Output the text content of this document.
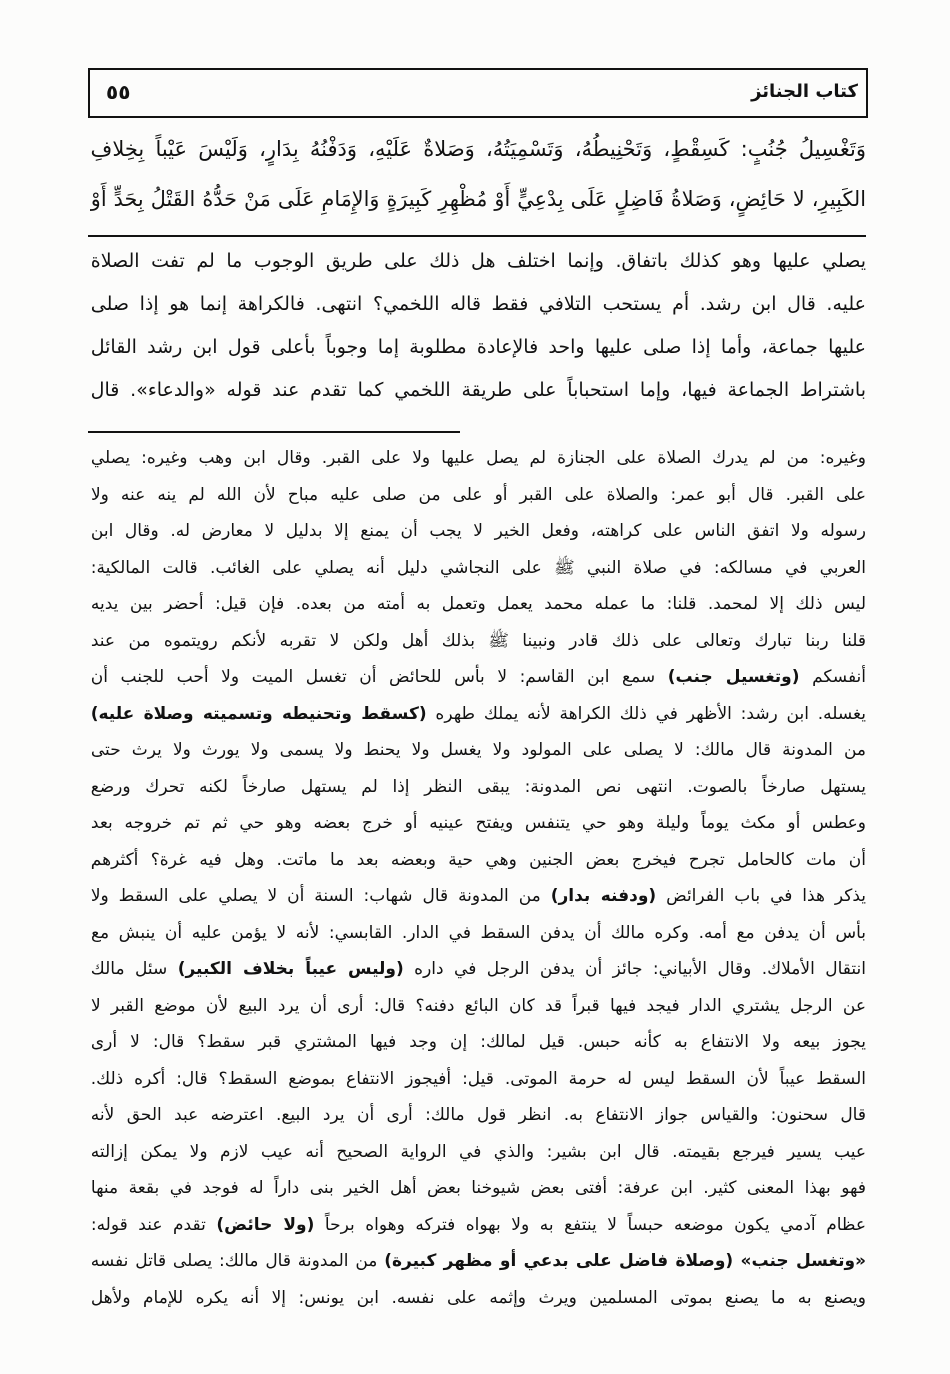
كتاب الجنائز
٥٥
وَتَغْسِيلُ جُنُبٍ: كَسِقْطٍ، وَتَحْنِيطُهُ، وَتَسْمِيَتُهُ، وَصَلاةٌ عَلَيْهِ، وَدَفْنُهُ بِدَارٍ، وَلَيْسَ عَيْباً بِخِلافِ
الكَبِيرِ، لا حَائِضٍ، وَصَلاةُ فَاضِلٍ عَلَى بِدْعِيٍّ أَوْ مُظْهِرِ كَبِيرَةٍ وَالإِمَامِ عَلَى مَنْ حَدُّهُ القَتْلُ بِحَدٍّ أَوْ
يصلي عليها وهو كذلك باتفاق. وإنما اختلف هل ذلك على طريق الوجوب ما لم تفت الصلاة
عليه. قال ابن رشد. أم يستحب التلافي فقط قاله اللخمي؟ انتهى. فالكراهة إنما هو إذا صلى
عليها جماعة، وأما إذا صلى عليها واحد فالإعادة مطلوبة إما وجوباً بأعلى قول ابن رشد القائل
باشتراط الجماعة فيها، وإما استحباباً على طريقة اللخمي كما تقدم عند قوله «والدعاء». قال
وغيره: من لم يدرك الصلاة على الجنازة لم يصل عليها ولا على القبر. وقال ابن وهب وغيره: يصلي
على القبر. قال أبو عمر: والصلاة على القبر أو على من صلى عليه مباح لأن الله لم ينه عنه ولا
رسوله ولا اتفق الناس على كراهته، وفعل الخير لا يجب أن يمنع إلا بدليل لا معارض له. وقال ابن
العربي في مسالكه: في صلاة النبي ﷺ على النجاشي دليل أنه يصلي على الغائب. قالت المالكية:
ليس ذلك إلا لمحمد. قلنا: ما عمله محمد يعمل وتعمل به أمته من بعده. فإن قيل: أحضر بين يديه
قلنا ربنا تبارك وتعالى على ذلك قادر ونبينا ﷺ بذلك أهل ولكن لا تقربه لأنكم رويتموه من عند
أنفسكم (وتغسيل جنب) سمع ابن القاسم: لا بأس للحائض أن تغسل الميت ولا أحب للجنب أن
يغسله. ابن رشد: الأظهر في ذلك الكراهة لأنه يملك طهره (كسقط وتحنيطه وتسميته وصلاة عليه)
من المدونة قال مالك: لا يصلى على المولود ولا يغسل ولا يحنط ولا يسمى ولا يورث ولا يرث حتى
يستهل صارخاً بالصوت. انتهى نص المدونة: يبقى النظر إذا لم يستهل صارخاً لكنه تحرك ورضع
وعطس أو مكث يوماً وليلة وهو حي يتنفس ويفتح عينيه أو خرج بعضه وهو حي ثم تم خروجه بعد
أن مات كالحامل تجرح فيخرج بعض الجنين وهي حية وبعضه بعد ما ماتت. وهل فيه غرة؟ أكثرهم
يذكر هذا في باب الفرائض (ودفنه بدار) من المدونة قال شهاب: السنة أن لا يصلي على السقط ولا
بأس أن يدفن مع أمه. وكره مالك أن يدفن السقط في الدار. القابسي: لأنه لا يؤمن عليه أن ينبش مع
انتقال الأملاك. وقال الأبياني: جائز أن يدفن الرجل في داره (وليس عيباً بخلاف الكبير) سئل مالك
عن الرجل يشتري الدار فيجد فيها قبراً قد كان البائع دفنه؟ قال: أرى أن يرد البيع لأن موضع القبر لا
يجوز بيعه ولا الانتفاع به كأنه حبس. قيل لمالك: إن وجد فيها المشتري قبر سقط؟ قال: لا أرى
السقط عيباً لأن السقط ليس له حرمة الموتى. قيل: أفيجوز الانتفاع بموضع السقط؟ قال: أكره ذلك.
قال سحنون: والقياس جواز الانتفاع به. انظر قول مالك: أرى أن يرد البيع. اعترضه عبد الحق لأنه
عيب يسير فيرجع بقيمته. قال ابن بشير: والذي في الرواية الصحيح أنه عيب لازم ولا يمكن إزالته
فهو بهذا المعنى كثير. ابن عرفة: أفتى بعض شيوخنا بعض أهل الخير بنى داراً له فوجد في بقعة منها
عظام آدمي يكون موضعه حبساً لا ينتفع به ولا بهواه فتركه وهواه برحاً (ولا حائض) تقدم عند قوله:
«وتغسل جنب» (وصلاة فاضل على بدعي أو مظهر كبيرة) من المدونة قال مالك: يصلى قاتل نفسه
ويصنع به ما يصنع بموتى المسلمين ويرث وإثمه على نفسه. ابن يونس: إلا أنه يكره للإمام ولأهل
